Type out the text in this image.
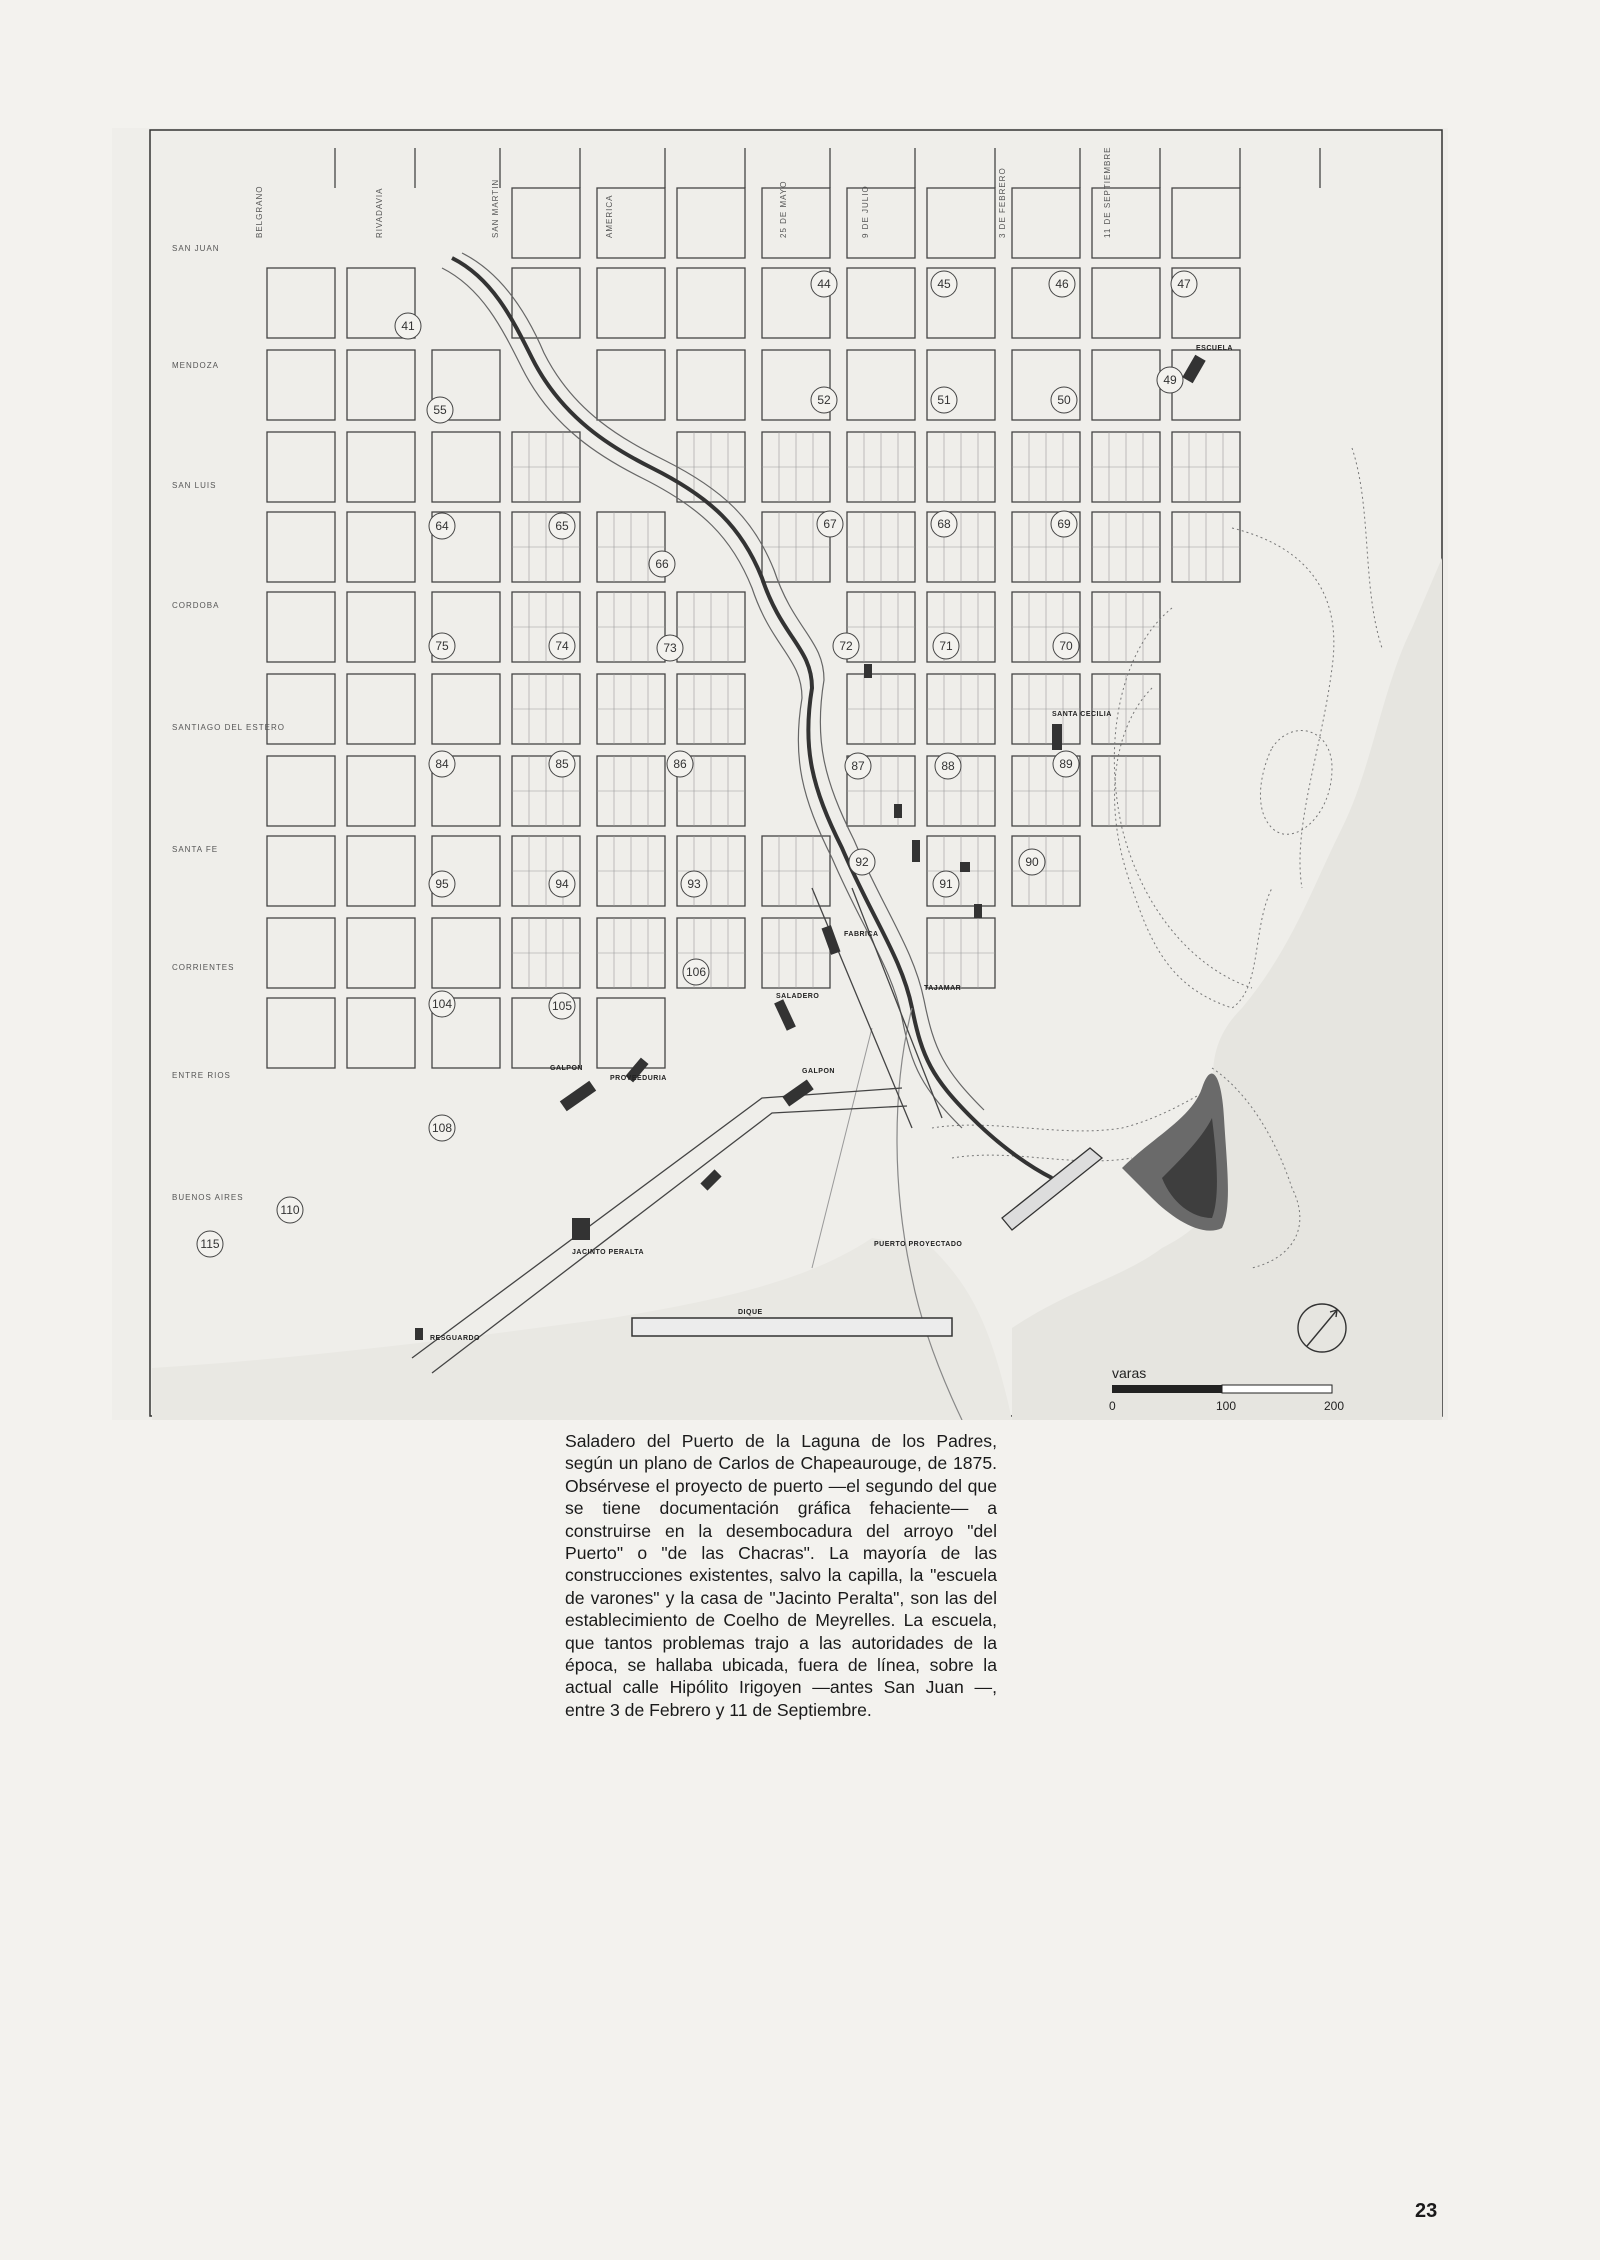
varas
0	100	200
SANTA CECILIA
FABRICA
TAJAMAR
SALADERO
GALPON
PROVEEDURIA
GALPON
JACINTO PERALTA
ESCUELA
RESGUARDO
PUERTO PROYECTADO
DIQUE
BELGRANO	RIVADAVIA	SAN MARTIN	AMERICA	25 DE MAYO	9 DE JULIO	3 DE FEBRERO	11 DE SEPTIEMBRE
SAN JUAN
MENDOZA
SAN LUIS
CORDOBA
SANTIAGO DEL ESTERO
SANTA FE
CORRIENTES
ENTRE RIOS
BUENOS AIRES
41
44	45	46	47
49
50
51
52
55
64	65
66
67	68	69
70
71
72
73
74
75
84	85	86	87	88	89
90
91
92
93
94
95
104	105
106
108
110
115

Saladero del Puerto de la Laguna de los Padres, según un plano de Carlos de Chapeaurouge, de 1875. Obsérvese el proyecto de puerto —el segundo del que se tiene documentación gráfica fehaciente— a construirse en la desembocadura del arroyo "del Puerto" o "de las Chacras". La mayoría de las construcciones existentes, salvo la capilla, la "escuela de varones" y la casa de "Jacinto Peralta", son las del establecimiento de Coelho de Meyrelles. La escuela, que tantos problemas trajo a las autoridades de la época, se hallaba ubicada, fuera de línea, sobre la actual calle Hipólito Irigoyen —antes San Juan —, entre 3 de Febrero y 11 de Septiembre.

23
